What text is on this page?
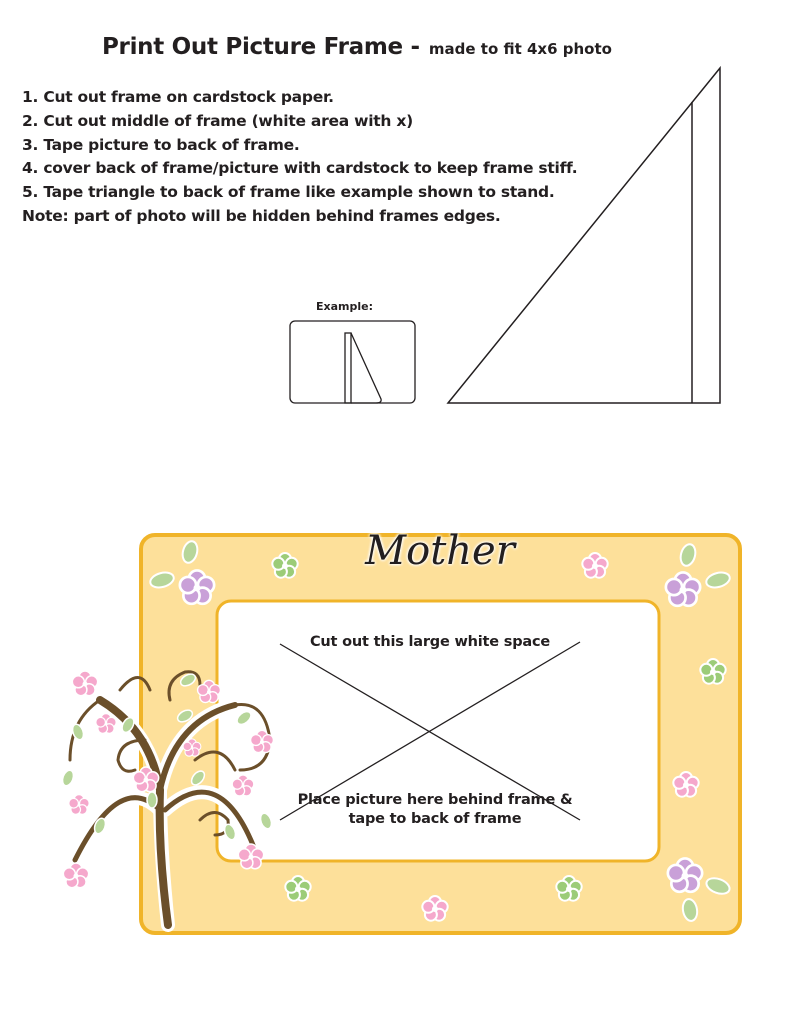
Print Out Picture Frame - made to fit 4x6 photo
1. Cut out frame on cardstock paper.
2. Cut out middle of frame (white area with x)
3. Tape picture to back of frame.
4. cover back of frame/picture with cardstock to keep frame stiff.
5. Tape triangle to back of frame like example shown to stand.
Note: part of photo will be hidden behind frames edges.
Example:
Mother
Cut out this large white space
Place picture here behind frame &
tape to back of frame
